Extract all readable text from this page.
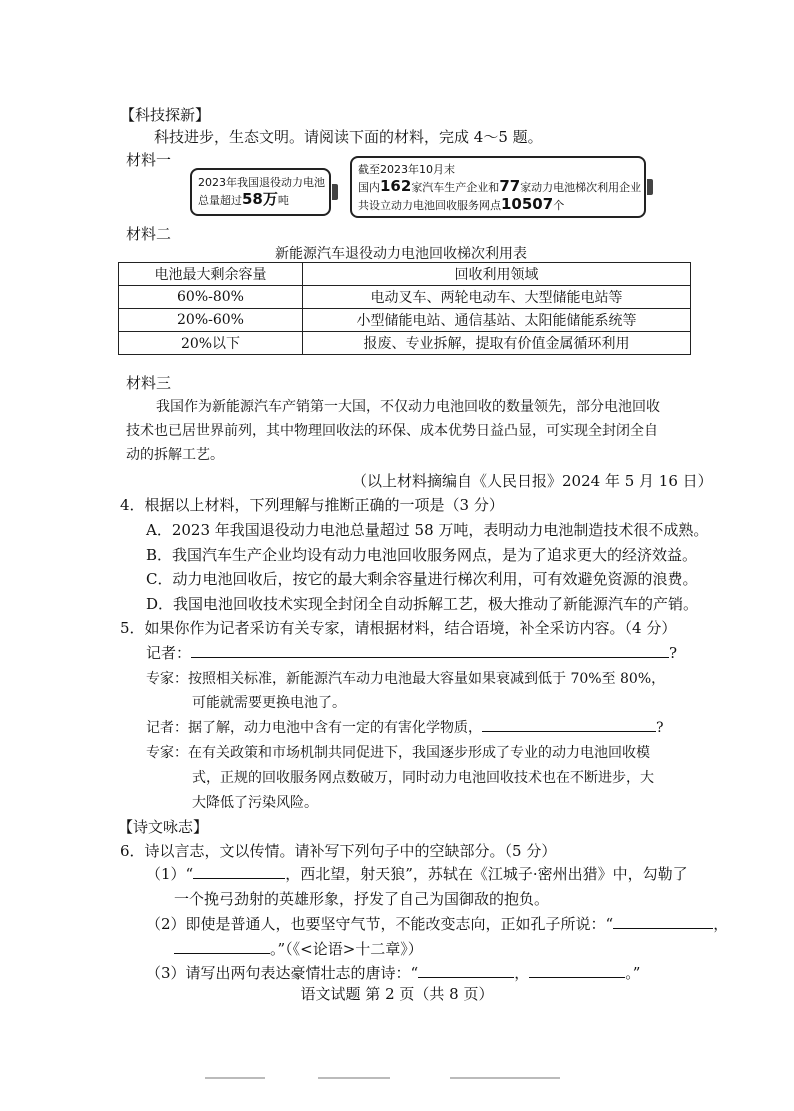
【科技探新】
科技进步，生态文明。请阅读下面的材料，完成 4～5 题。
材料一
2023年我国退役动力电池
总量超过58万吨
截至2023年10月末
国内162家汽车生产企业和77家动力电池梯次利用企业
共设立动力电池回收服务网点10507个
材料二
新能源汽车退役动力电池回收梯次利用表
电池最大剩余容量	回收利用领域
60%-80%	电动叉车、两轮电动车、大型储能电站等
20%-60%	小型储能电站、通信基站、太阳能储能系统等
20%以下	报废、专业拆解，提取有价值金属循环利用
材料三
我国作为新能源汽车产销第一大国，不仅动力电池回收的数量领先，部分电池回收
技术也已居世界前列，其中物理回收法的环保、成本优势日益凸显，可实现全封闭全自
动的拆解工艺。
（以上材料摘编自《人民日报》2024 年 5 月 16 日）
4．根据以上材料，下列理解与推断正确的一项是（3 分）
A．2023 年我国退役动力电池总量超过 58 万吨，表明动力电池制造技术很不成熟。
B．我国汽车生产企业均设有动力电池回收服务网点，是为了追求更大的经济效益。
C．动力电池回收后，按它的最大剩余容量进行梯次利用，可有效避免资源的浪费。
D．我国电池回收技术实现全封闭全自动拆解工艺，极大推动了新能源汽车的产销。
5．如果你作为记者采访有关专家，请根据材料，结合语境，补全采访内容。（4 分）
记者：	?
专家：按照相关标准，新能源汽车动力电池最大容量如果衰减到低于 70%至 80%，
可能就需要更换电池了。
记者：据了解，动力电池中含有一定的有害化学物质，	?
专家：在有关政策和市场机制共同促进下，我国逐步形成了专业的动力电池回收模
式，正规的回收服务网点数破万，同时动力电池回收技术也在不断进步，大
大降低了污染风险。
【诗文咏志】
6．诗以言志，文以传情。请补写下列句子中的空缺部分。（5 分）
（1）“	，西北望，射天狼”，苏轼在《江城子·密州出猎》中，勾勒了
一个挽弓劲射的英雄形象，抒发了自己为国御敌的抱负。
（2）即使是普通人，也要坚守气节，不能改变志向，正如孔子所说：“	，
。”（《<论语>十二章》）
（3）请写出两句表达豪情壮志的唐诗：“	，	。”
语文试题 第 2 页（共 8 页）
